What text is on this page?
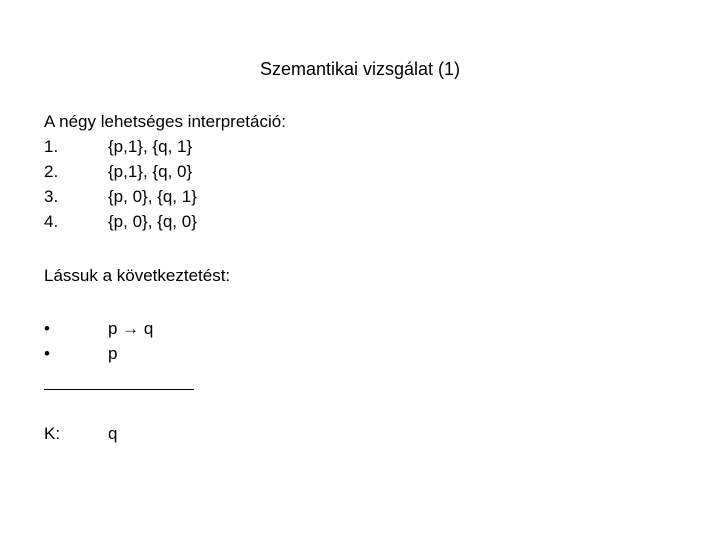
Szemantikai vizsgálat (1)
A négy lehetséges interpretáció:
1.	{p,1}, {q, 1}
2.	{p,1}, {q, 0}
3.	{p, 0}, {q, 1}
4.	{p, 0}, {q, 0}
Lássuk a következtetést:
•	p → q
•	p
K:	q
